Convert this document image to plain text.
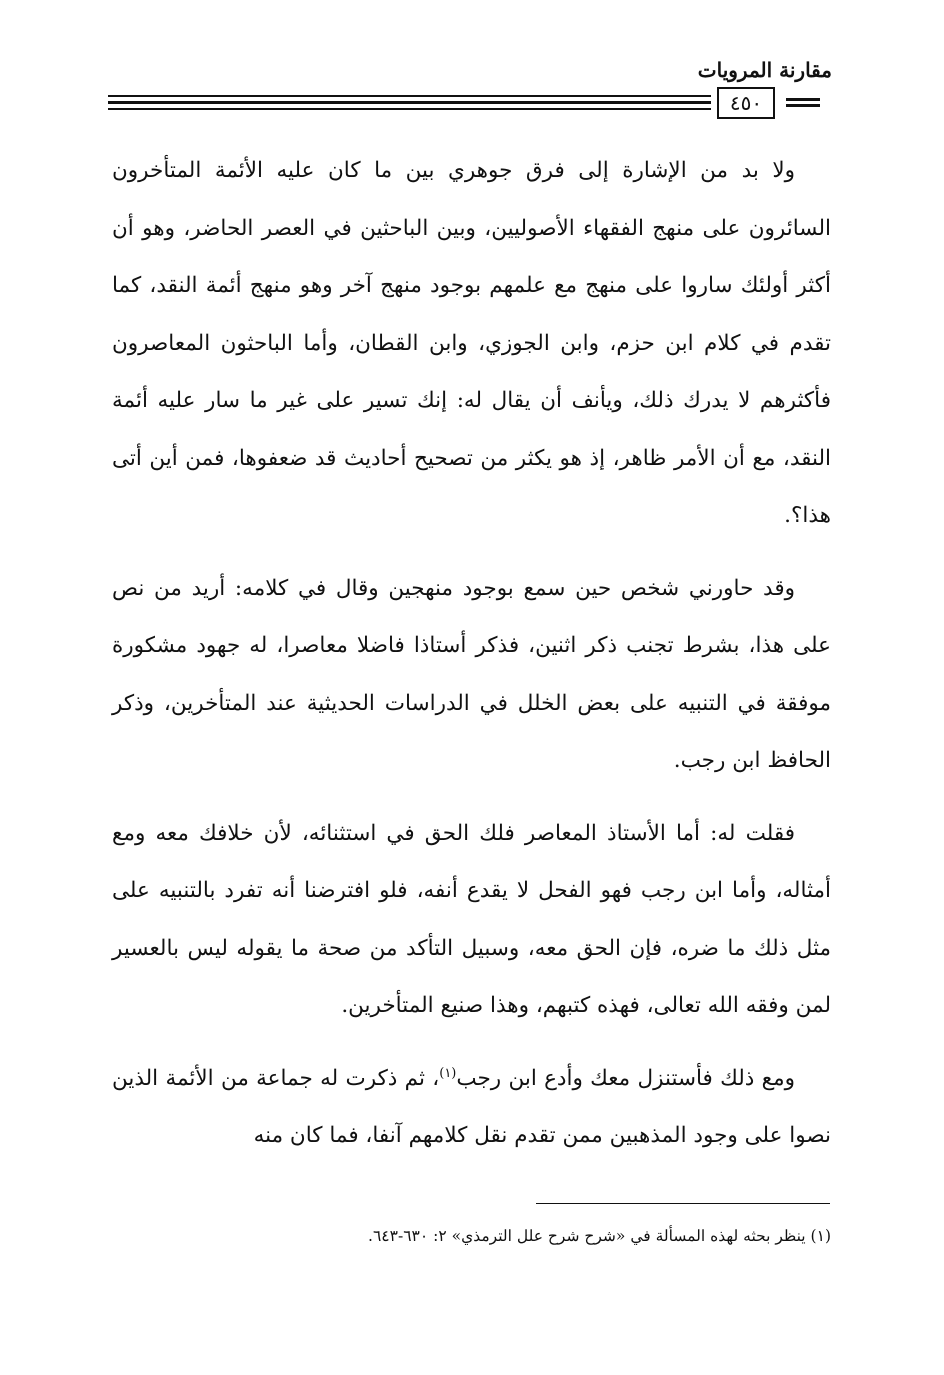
مقارنة المرويات
٤٥٠

ولا بد من الإشارة إلى فرق جوهري بين ما كان عليه الأئمة المتأخرون السائرون على منهج الفقهاء الأصوليين، وبين الباحثين في العصر الحاضر، وهو أن أكثر أولئك ساروا على منهج مع علمهم بوجود منهج آخر وهو منهج أئمة النقد، كما تقدم في كلام ابن حزم، وابن الجوزي، وابن القطان، وأما الباحثون المعاصرون فأكثرهم لا يدرك ذلك، ويأنف أن يقال له: إنك تسير على غير ما سار عليه أئمة النقد، مع أن الأمر ظاهر، إذ هو يكثر من تصحيح أحاديث قد ضعفوها، فمن أين أتى هذا؟.

وقد حاورني شخص حين سمع بوجود منهجين وقال في كلامه: أريد من نص على هذا، بشرط تجنب ذكر اثنين، فذكر أستاذا فاضلا معاصرا، له جهود مشكورة موفقة في التنبيه على بعض الخلل في الدراسات الحديثية عند المتأخرين، وذكر الحافظ ابن رجب.

فقلت له: أما الأستاذ المعاصر فلك الحق في استثنائه، لأن خلافك معه ومع أمثاله، وأما ابن رجب فهو الفحل لا يقدع أنفه، فلو افترضنا أنه تفرد بالتنبيه على مثل ذلك ما ضره، فإن الحق معه، وسبيل التأكد من صحة ما يقوله ليس بالعسير لمن وفقه الله تعالى، فهذه كتبهم، وهذا صنيع المتأخرين.

ومع ذلك فأستنزل معك وأدع ابن رجب$^{(١)}$، ثم ذكرت له جماعة من الأئمة الذين نصوا على وجود المذهبين ممن تقدم نقل كلامهم آنفا، فما كان منه

(١) ينظر بحثه لهذه المسألة في «شرح شرح علل الترمذي» ٢: ٦٣٠-٦٤٣.
